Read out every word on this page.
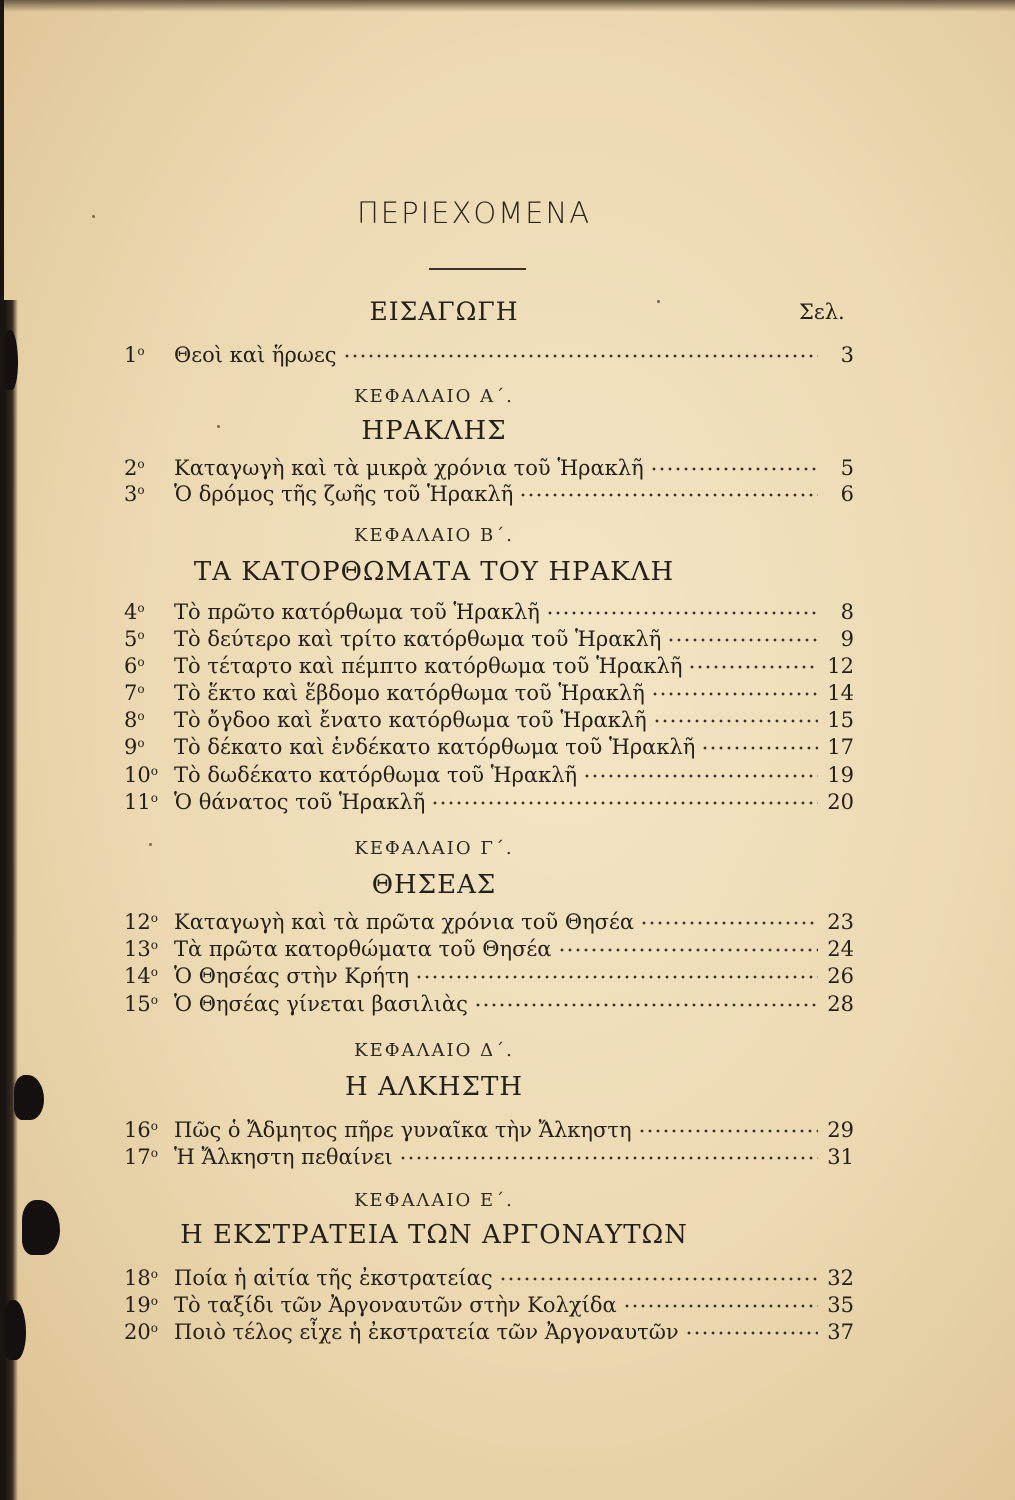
ΠΕΡΙΕΧΟΜΕΝΑ
ΕΙΣΑΓΩΓΗ	Σελ.
$1^o$	Θεοὶ καὶ ἥρωες	3
ΚΕΦΑΛΑΙΟ Α΄.
ΗΡΑΚΛΗΣ
$2^o$	Καταγωγὴ καὶ τὰ μικρὰ χρόνια τοῦ Ἡρακλῆ	5
$3^o$	Ὁ δρόμος τῆς ζωῆς τοῦ Ἡρακλῆ	6
ΚΕΦΑΛΑΙΟ Β΄.
ΤΑ ΚΑΤΟΡΘΩΜΑΤΑ ΤΟΥ ΗΡΑΚΛΗ
$4^o$	Τὸ πρῶτο κατόρθωμα τοῦ Ἡρακλῆ	8
$5^o$	Τὸ δεύτερο καὶ τρίτο κατόρθωμα τοῦ Ἡρακλῆ	9
$6^o$	Τὸ τέταρτο καὶ πέμπτο κατόρθωμα τοῦ Ἡρακλῆ	12
$7^o$	Τὸ ἕκτο καὶ ἕβδομο κατόρθωμα τοῦ Ἡρακλῆ	14
$8^o$	Τὸ ὄγδοο καὶ ἔνατο κατόρθωμα τοῦ Ἡρακλῆ	15
$9^o$	Τὸ δέκατο καὶ ἑνδέκατο κατόρθωμα τοῦ Ἡρακλῆ	17
$10^o$ Τὸ δωδέκατο κατόρθωμα τοῦ Ἡρακλῆ	19
$11^o$ Ὁ θάνατος τοῦ Ἡρακλῆ	20
ΚΕΦΑΛΑΙΟ Γ΄.
ΘΗΣΕΑΣ
$12^o$ Καταγωγὴ καὶ τὰ πρῶτα χρόνια τοῦ Θησέα	23
$13^o$ Τὰ πρῶτα κατορθώματα τοῦ Θησέα	24
$14^o$ Ὁ Θησέας στὴν Κρήτη	26
$15^o$ Ὁ Θησέας γίνεται βασιλιὰς	28
ΚΕΦΑΛΑΙΟ Δ΄.
Η ΑΛΚΗΣΤΗ
$16^o$ Πῶς ὁ Ἄδμητος πῆρε γυναῖκα τὴν Ἄλκηστη	29
$17^o$ Ἡ Ἄλκηστη πεθαίνει	31
ΚΕΦΑΛΑΙΟ Ε΄.
Η ΕΚΣΤΡΑΤΕΙΑ ΤΩΝ ΑΡΓΟΝΑΥΤΩΝ
$18^o$ Ποία ἡ αἰτία τῆς ἐκστρατείας	32
$19^o$ Τὸ ταξίδι τῶν Ἀργοναυτῶν στὴν Κολχίδα	35
$20^o$ Ποιὸ τέλος εἶχε ἡ ἐκστρατεία τῶν Ἀργοναυτῶν	37
